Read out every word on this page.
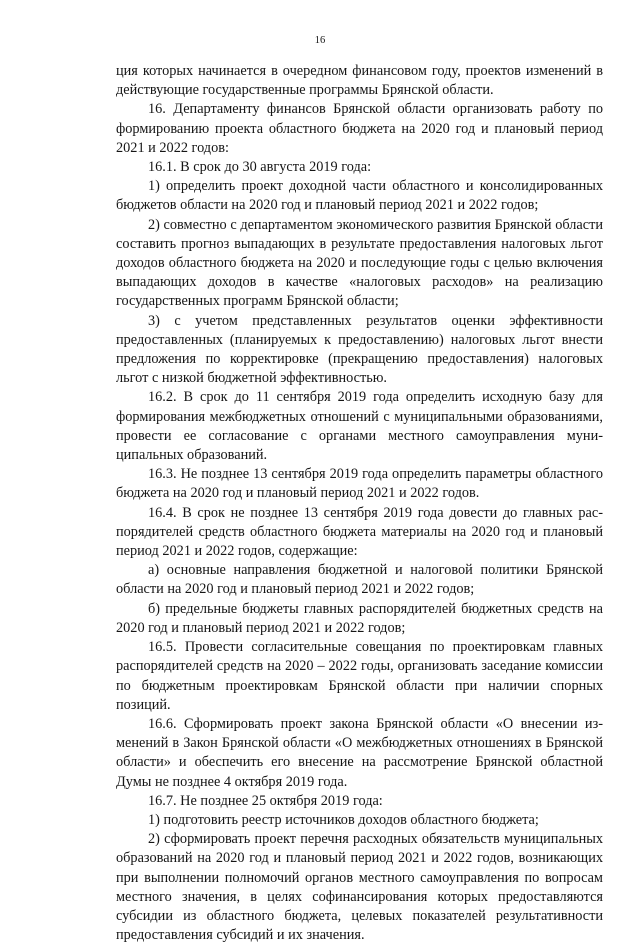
16

ция которых начинается в очередном финансовом году, проектов изменений в действующие государственные программы Брянской области.

16. Департаменту финансов Брянской области организовать работу по формированию проекта областного бюджета на 2020 год и плановый период 2021 и 2022 годов:

16.1. В срок до 30 августа 2019 года:

1) определить проект доходной части областного и консолидированных бюджетов области на 2020 год и плановый период 2021 и 2022 годов;

2) совместно с департаментом экономического развития Брянской области составить прогноз выпадающих в результате предоставления налоговых льгот доходов областного бюджета на 2020 и последующие годы с целью включения выпадающих доходов в качестве «налоговых расходов» на реализацию государственных программ Брянской области;

3) с учетом представленных результатов оценки эффективности предоставленных (планируемых к предоставлению) налоговых льгот внести предложения по корректировке (прекращению предоставления) налоговых льгот с низкой бюджетной эффективностью.

16.2. В срок до 11 сентября 2019 года определить исходную базу для формирования межбюджетных отношений с муниципальными образованиями, провести ее согласование с органами местного самоуправления муниципальных образований.

16.3. Не позднее 13 сентября 2019 года определить параметры областного бюджета на 2020 год и плановый период 2021 и 2022 годов.

16.4. В срок не позднее 13 сентября 2019 года довести до главных распорядителей средств областного бюджета материалы на 2020 год и плановый период 2021 и 2022 годов, содержащие:

а) основные направления бюджетной и налоговой политики Брянской области на 2020 год и плановый период 2021 и 2022 годов;

б) предельные бюджеты главных распорядителей бюджетных средств на 2020 год и плановый период 2021 и 2022 годов;

16.5. Провести согласительные совещания по проектировкам главных распорядителей средств на 2020 – 2022 годы, организовать заседание комиссии по бюджетным проектировкам Брянской области при наличии спорных позиций.

16.6. Сформировать проект закона Брянской области «О внесении изменений в Закон Брянской области «О межбюджетных отношениях в Брянской области» и обеспечить его внесение на рассмотрение Брянской областной Думы не позднее 4 октября 2019 года.

16.7. Не позднее 25 октября 2019 года:

1) подготовить реестр источников доходов областного бюджета;

2) сформировать проект перечня расходных обязательств муниципальных образований на 2020 год и плановый период 2021 и 2022 годов, возникающих при выполнении полномочий органов местного самоуправления по вопросам местного значения, в целях софинансирования которых предоставляются субсидии из областного бюджета, целевых показателей результативности предоставления субсидий и их значения.
